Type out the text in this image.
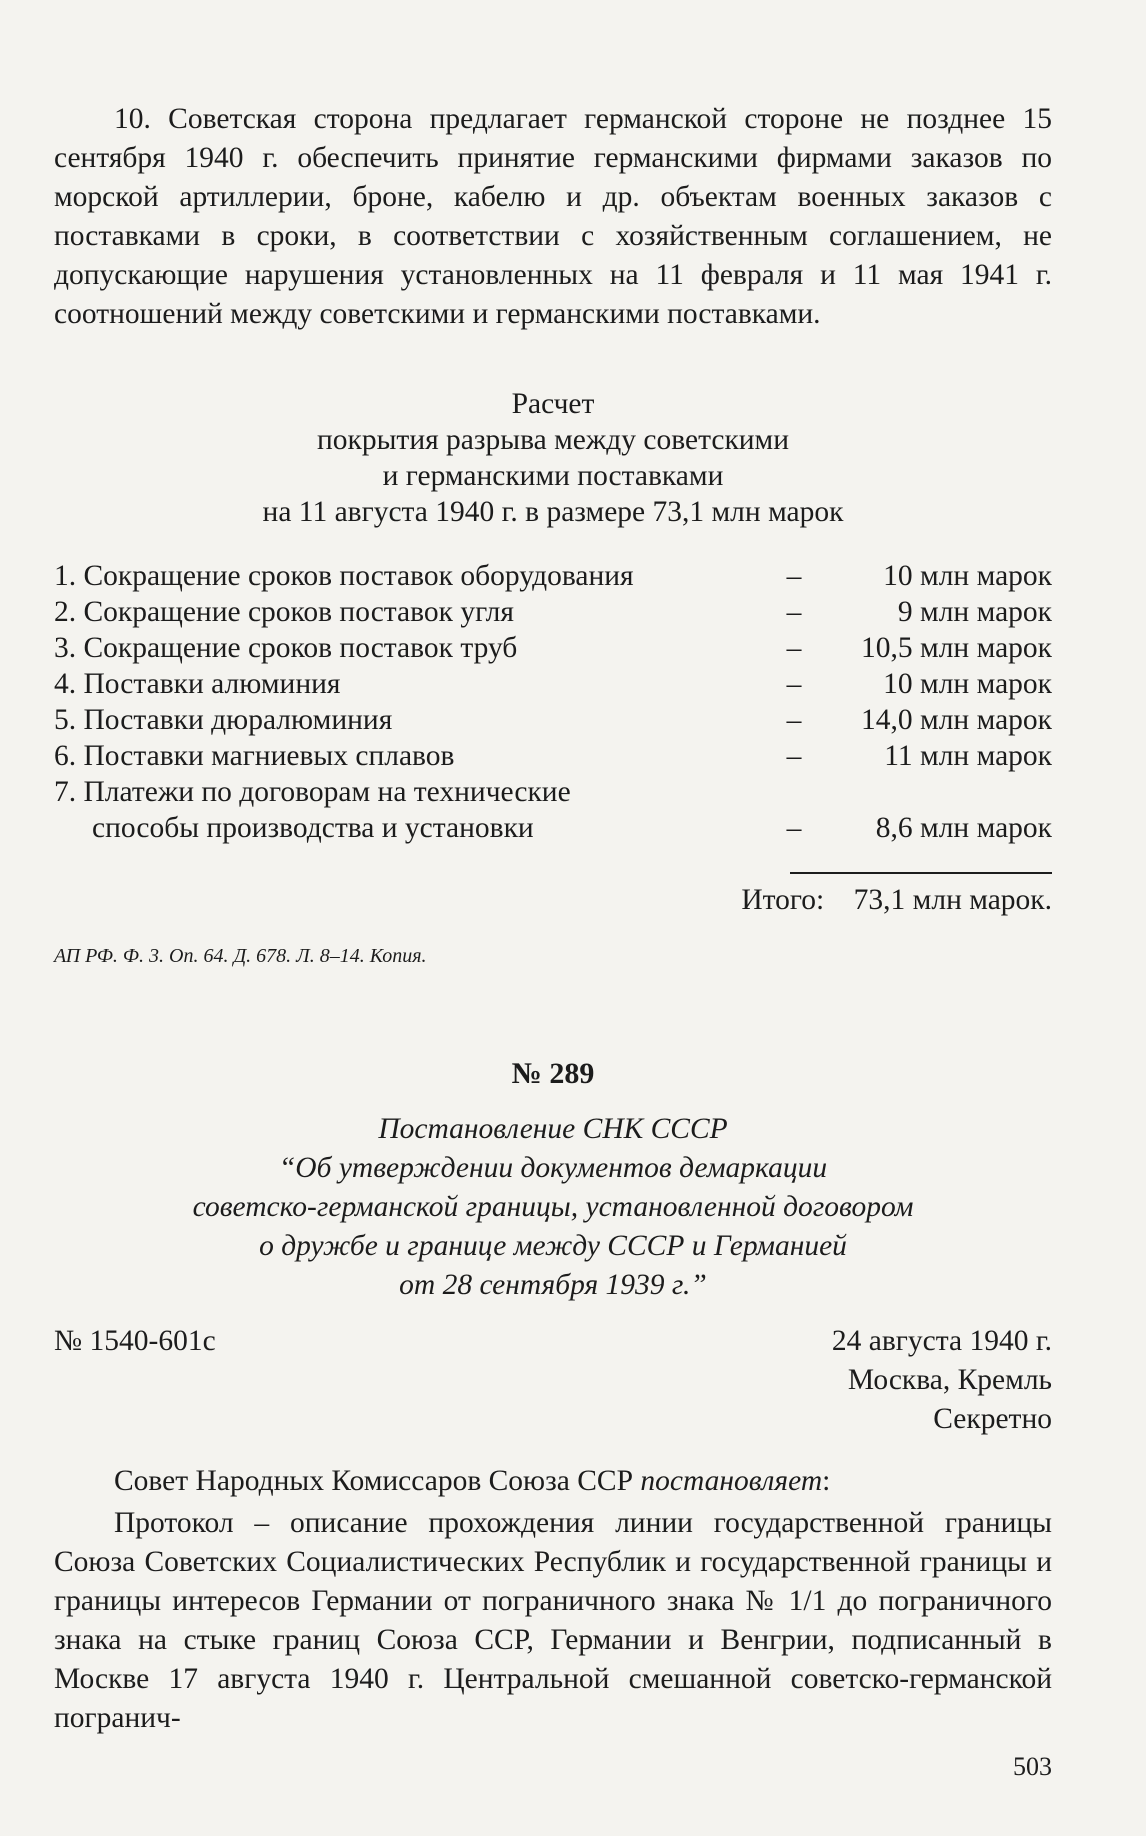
10. Советская сторона предлагает германской стороне не позднее 15 сентября 1940 г. обеспечить принятие германскими фирмами заказов по морской артиллерии, броне, кабелю и др. объектам военных заказов с поставками в сроки, в соответствии с хозяйственным соглашением, не допускающие нарушения установленных на 11 февраля и 11 мая 1941 г. соотношений между советскими и германскими поставками.

Расчет
покрытия разрыва между советскими
и германскими поставками
на 11 августа 1940 г. в размере 73,1 млн марок
1. Сокращение сроков поставок оборудования	–	10 млн марок
2. Сокращение сроков поставок угля	–	9 млн марок
3. Сокращение сроков поставок труб	–	10,5 млн марок
4. Поставки алюминия	–	10 млн марок
5. Поставки дюралюминия	–	14,0 млн марок
6. Поставки магниевых сплавов	–	11 млн марок
7. Платежи по договорам на технические
способы производства и установки	–	8,6 млн марок
Итого:    73,1 млн марок.
АП РФ. Ф. 3. Оп. 64. Д. 678. Л. 8–14. Копия.
№ 289
Постановление СНК СССР
“Об утверждении документов демаркации
советско-германской границы, установленной договором
о дружбе и границе между СССР и Германией
от 28 сентября 1939 г.”
№ 1540-601с	24 августа 1940 г.
Москва, Кремль
Секретно

Совет Народных Комиссаров Союза ССР постановляет:

Протокол – описание прохождения линии государственной границы Союза Советских Социалистических Республик и государственной границы и границы интересов Германии от пограничного знака № 1/1 до пограничного знака на стыке границ Союза ССР, Германии и Венгрии, подписанный в Москве 17 августа 1940 г. Центральной смешанной советско-германской погранич-

503
